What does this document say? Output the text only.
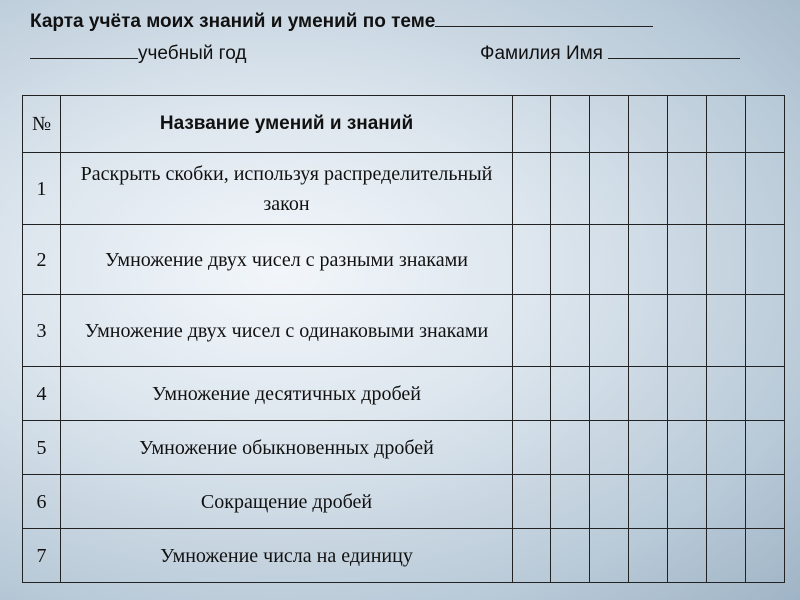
Карта учёта моих знаний и умений по теме
учебный год	Фамилия Имя
№	Название умений и знаний							
1	Раскрыть скобки, используя распределительный закон							
2	Умножение двух чисел с разными знаками							
3	Умножение двух чисел с одинаковыми знаками							
4	Умножение десятичных дробей							
5	Умножение обыкновенных дробей							
6	Сокращение дробей							
7	Умножение числа на единицу							
